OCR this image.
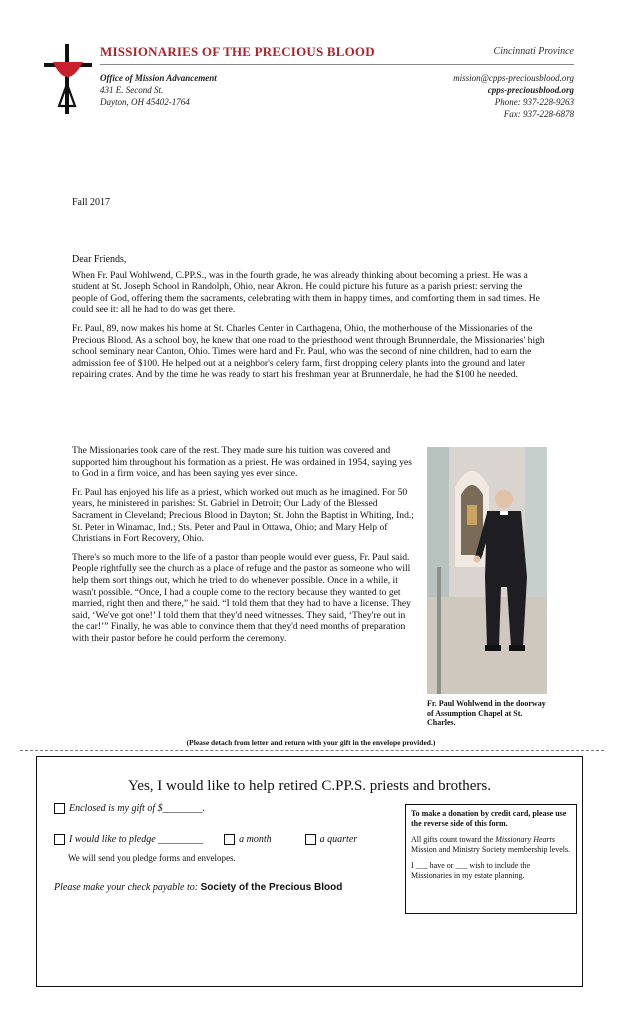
MISSIONARIES OF THE PRECIOUS BLOOD	Cincinnati Province
Office of Mission Advancement
431 E. Second St.
Dayton, OH 45402-1764
mission@cpps-preciousblood.org
cpps-preciousblood.org
Phone: 937-228-9263
Fax: 937-228-6878
Fall 2017

Dear Friends,

When Fr. Paul Wohlwend, C.PP.S., was in the fourth grade, he was already thinking about becoming a priest. He was a student at St. Joseph School in Randolph, Ohio, near Akron. He could picture his future as a parish priest: serving the people of God, offering them the sacraments, celebrating with them in happy times, and comforting them in sad times. He could see it: all he had to do was get there.

Fr. Paul, 89, now makes his home at St. Charles Center in Carthagena, Ohio, the motherhouse of the Missionaries of the Precious Blood. As a school boy, he knew that one road to the priesthood went through Brunnerdale, the Missionaries' high school seminary near Canton, Ohio. Times were hard and Fr. Paul, who was the second of nine children, had to earn the admission fee of $100. He helped out at a neighbor's celery farm, first dropping celery plants into the ground and later repairing crates. And by the time he was ready to start his freshman year at Brunnerdale, he had the $100 he needed.

The Missionaries took care of the rest. They made sure his tuition was covered and supported him throughout his formation as a priest. He was ordained in 1954, saying yes to God in a firm voice, and has been saying yes ever since.

Fr. Paul has enjoyed his life as a priest, which worked out much as he imagined. For 50 years, he ministered in parishes: St. Gabriel in Detroit; Our Lady of the Blessed Sacrament in Cleveland; Precious Blood in Dayton; St. John the Baptist in Whiting, Ind.; St. Peter in Winamac, Ind.; Sts. Peter and Paul in Ottawa, Ohio; and Mary Help of Christians in Fort Recovery, Ohio.

There's so much more to the life of a pastor than people would ever guess, Fr. Paul said. People rightfully see the church as a place of refuge and the pastor as someone who will help them sort things out, which he tried to do whenever possible. Once in a while, it wasn't possible. “Once, I had a couple come to the rectory because they wanted to get married, right then and there,” he said. “I told them that they had to have a license. They said, ‘We've got one!’ I told them that they'd need witnesses. They said, ‘They're out in the car!’” Finally, he was able to convince them that they'd need months of preparation with their pastor before he could perform the ceremony.

Fr. Paul Wohlwend in the doorway of Assumption Chapel at St. Charles.
(Please detach from letter and return with your gift in the envelope provided.)
Yes, I would like to help retired C.PP.S. priests and brothers.
Enclosed is my gift of $________.
I would like to pledge _________	a month	a quarter
We will send you pledge forms and envelopes.
Please make your check payable to: Society of the Precious Blood

To make a donation by credit card, please use the reverse side of this form.

All gifts count toward the Missionary Hearts Mission and Ministry Society membership levels.

I ___ have or ___ wish to include the Missionaries in my estate planning.
